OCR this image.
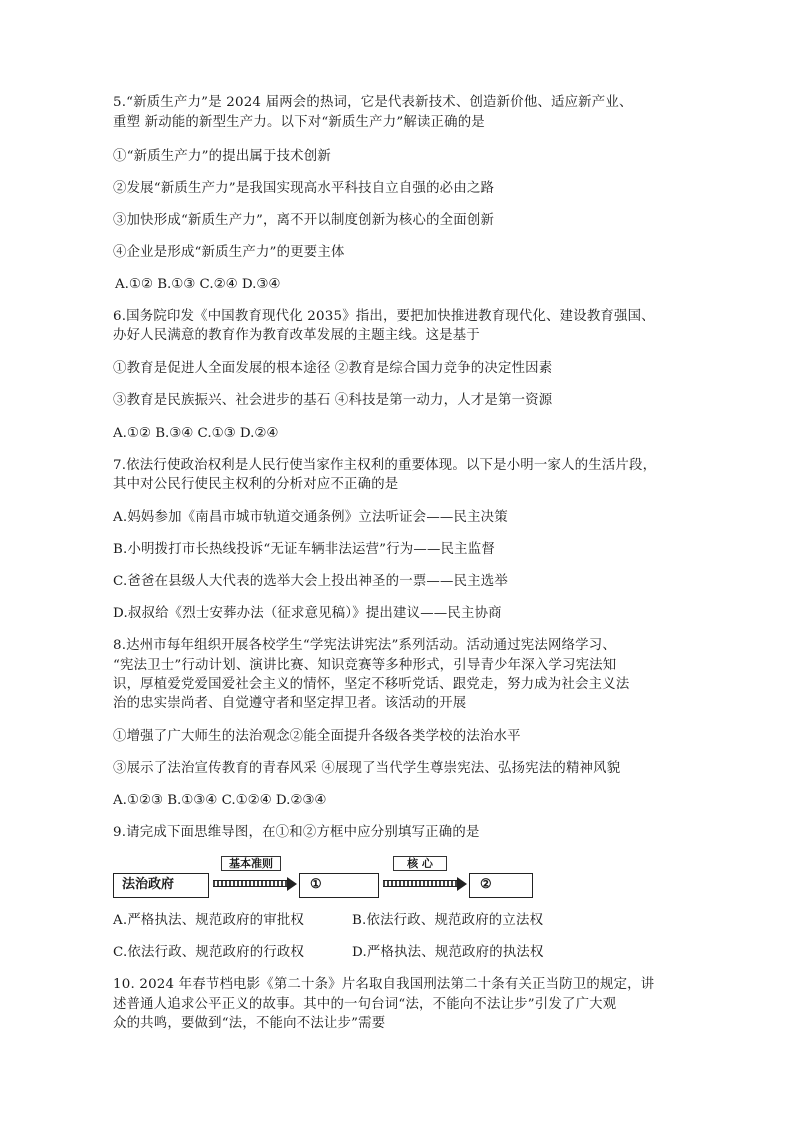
5.“新质生产力”是 2024 届两会的热词，它是代表新技术、创造新价他、适应新产业、
重塑 新动能的新型生产力。以下对“新质生产力”解读正确的是
①“新质生产力”的提出属于技术创新
②发展“新质生产力”是我国实现高水平科技自立自强的必由之路
③加快形成“新质生产力”，离不开以制度创新为核心的全面创新
④企业是形成“新质生产力”的更要主体
A.①② B.①③ C.②④ D.③④
6.国务院印发《中国教育现代化 2035》指出，要把加快推进教育现代化、建设教育强国、
办好人民满意的教育作为教育改革发展的主题主线。这是基于
①教育是促进人全面发展的根本途径 ②教育是综合国力竞争的决定性因素
③教育是民族振兴、社会进步的基石 ④科技是第一动力，人才是第一资源
A.①② B.③④ C.①③ D.②④
7.依法行使政治权利是人民行使当家作主权利的重要体现。以下是小明一家人的生活片段，
其中对公民行使民主权利的分析对应不正确的是
A.妈妈参加《南昌市城市轨道交通条例》立法听证会——民主决策
B.小明拨打市长热线投诉“无证车辆非法运营”行为——民主监督
C.爸爸在县级人大代表的选举大会上投出神圣的一票——民主选举
D.叔叔给《烈士安葬办法（征求意见稿）》提出建议——民主协商
8.达州市每年组织开展各校学生“学宪法讲宪法”系列活动。活动通过宪法网络学习、
“宪法卫士”行动计划、演讲比赛、知识竞赛等多种形式，引导青少年深入学习宪法知
识，厚植爱党爱国爱社会主义的情怀，坚定不移听党话、跟党走，努力成为社会主义法
治的忠实崇尚者、自觉遵守者和坚定捍卫者。该活动的开展
①增强了广大师生的法治观念②能全面提升各级各类学校的法治水平
③展示了法治宣传教育的青春风采 ④展现了当代学生尊崇宪法、弘扬宪法的精神风貌
A.①②③ B.①③④ C.①②④ D.②③④
9.请完成下面思维导图，在①和②方框中应分别填写正确的是
法治政府
基本准则
①
核 心
②
A.严格执法、规范政府的审批权	B.依法行政、规范政府的立法权
C.依法行政、规范政府的行政权	D.严格执法、规范政府的执法权
10. 2024 年春节档电影《第二十条》片名取自我国刑法第二十条有关正当防卫的规定，讲
述普通人追求公平正义的故事。其中的一句台词“法，不能向不法让步”引发了广大观
众的共鸣，要做到“法，不能向不法让步”需要
